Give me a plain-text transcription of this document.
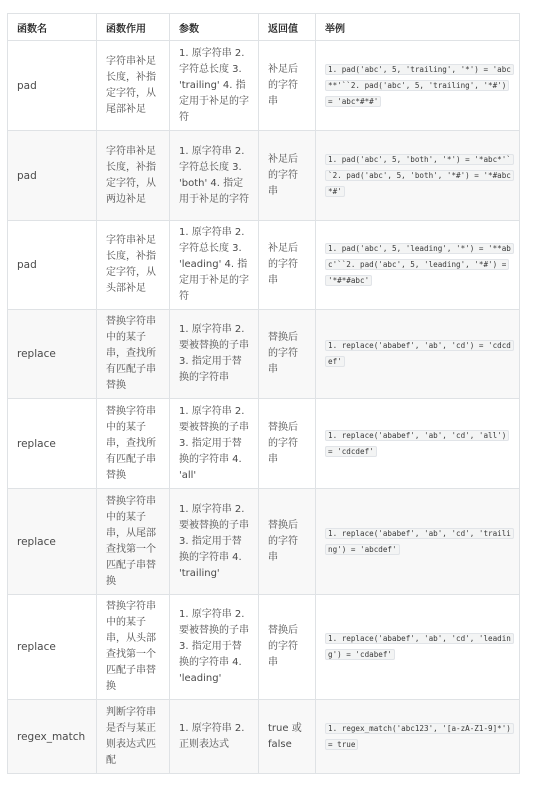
函数名	函数作用	参数	返回值	举例
pad	字符串补足长度，补指定字符，从尾部补足	1. 原字符串 2. 字符总长度 3. 'trailing' 4. 指定用于补足的字符	补足后的字符串	1. pad('abc', 5, 'trailing', '*') = 'abc**'``2. pad('abc', 5, 'trailing', '*#') = 'abc*#*#'
pad	字符串补足长度，补指定字符，从两边补足	1. 原字符串 2. 字符总长度 3. 'both' 4. 指定用于补足的字符	补足后的字符串	1. pad('abc', 5, 'both', '*') = '*abc*'``2. pad('abc', 5, 'both', '*#') = '*#abc*#'
pad	字符串补足长度，补指定字符，从头部补足	1. 原字符串 2. 字符总长度 3. 'leading' 4. 指定用于补足的字符	补足后的字符串	1. pad('abc', 5, 'leading', '*') = '**abc'``2. pad('abc', 5, 'leading', '*#') = '*#*#abc'
replace	替换字符串中的某子串，查找所有匹配子串替换	1. 原字符串 2. 要被替换的子串 3. 指定用于替换的字符串	替换后的字符串	1. replace('ababef', 'ab', 'cd') = 'cdcdef'
replace	替换字符串中的某子串，查找所有匹配子串替换	1. 原字符串 2. 要被替换的子串 3. 指定用于替换的字符串 4. 'all'	替换后的字符串	1. replace('ababef', 'ab', 'cd', 'all') = 'cdcdef'
replace	替换字符串中的某子串，从尾部查找第一个匹配子串替换	1. 原字符串 2. 要被替换的子串 3. 指定用于替换的字符串 4. 'trailing'	替换后的字符串	1. replace('ababef', 'ab', 'cd', 'trailing') = 'abcdef'
replace	替换字符串中的某子串，从头部查找第一个匹配子串替换	1. 原字符串 2. 要被替换的子串 3. 指定用于替换的字符串 4. 'leading'	替换后的字符串	1. replace('ababef', 'ab', 'cd', 'leading') = 'cdabef'
regex_match	判断字符串是否与某正则表达式匹配	1. 原字符串 2. 正则表达式	true 或 false	1. regex_match('abc123', '[a-zA-Z1-9]*') = true
